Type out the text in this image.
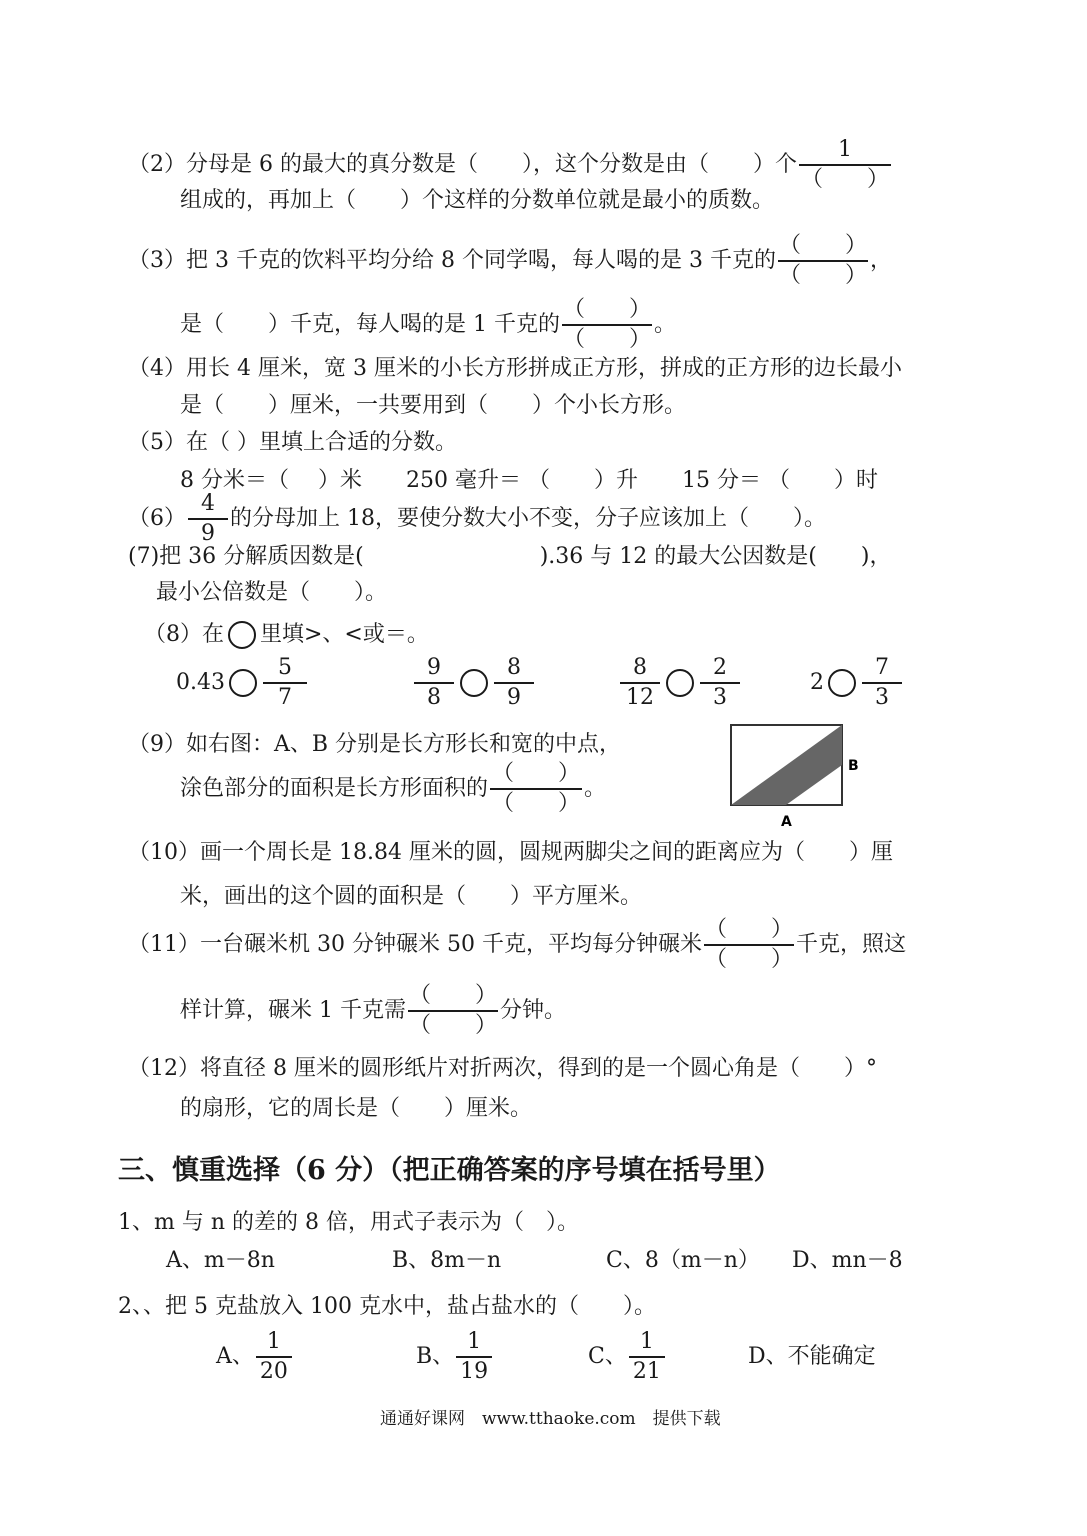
（2）分母是 6 的最大的真分数是（　　），这个分数是由（　　）个
1
（　　）
组成的，再加上（　　）个这样的分数单位就是最小的质数。
（3）把 3 千克的饮料平均分给 8 个同学喝，每人喝的是 3 千克的
（　　）
（　　）
，
是（　　）千克，每人喝的是 1 千克的
（　　）
（　　）
。
（4）用长 4 厘米，宽 3 厘米的小长方形拼成正方形，拼成的正方形的边长最小
是（　　）厘米，一共要用到（　　）个小长方形。
（5）在（ ）里填上合适的分数。
8 分米＝（　 ）米　　250 毫升＝ （　　）升　　15 分＝ （　　）时
$(6) \frac{4}{9}$ 的分母加上 18，要使分数大小不变，分子应该加上（　　）。
(7)把 36 分解质因数是(　　　　　　　　).36 与 12 的最大公因数是(　　)，
最小公倍数是（　　）。
（8）在 里填>、<或＝。
$0.43 \frac{5}{7}$	$\frac{9}{8} \frac{8}{9}$	$\frac{8}{12} \frac{2}{3}$	$2 \frac{7}{3}$
（9）如右图：A、B 分别是长方形长和宽的中点，
涂色部分的面积是长方形面积的
（　　）
（　　）
。
B
A
（10）画一个周长是 18.84 厘米的圆，圆规两脚尖之间的距离应为（　　）厘
米，画出的这个圆的面积是（　　）平方厘米。
（11）一台碾米机 30 分钟碾米 50 千克，平均每分钟碾米
（　　）
（　　）
千克，照这
样计算，碾米 1 千克需
（　　）
（　　）
分钟。
（12）将直径 8 厘米的圆形纸片对折两次，得到的是一个圆心角是（　　）°
的扇形，它的周长是（　　）厘米。
三、慎重选择（6 分）（把正确答案的序号填在括号里）
1、m 与 n 的差的 8 倍，用式子表示为（　）。
A、m－8n	B、8m－n	C、8（m－n） D、mn－8
2、、把 5 克盐放入 100 克水中，盐占盐水的（　　）。
A、 $\frac{1}{20}$	B、 $\frac{1}{19}$	C、 $\frac{1}{21}$	D、不能确定
通通好课网　www.tthaoke.com　提供下载
